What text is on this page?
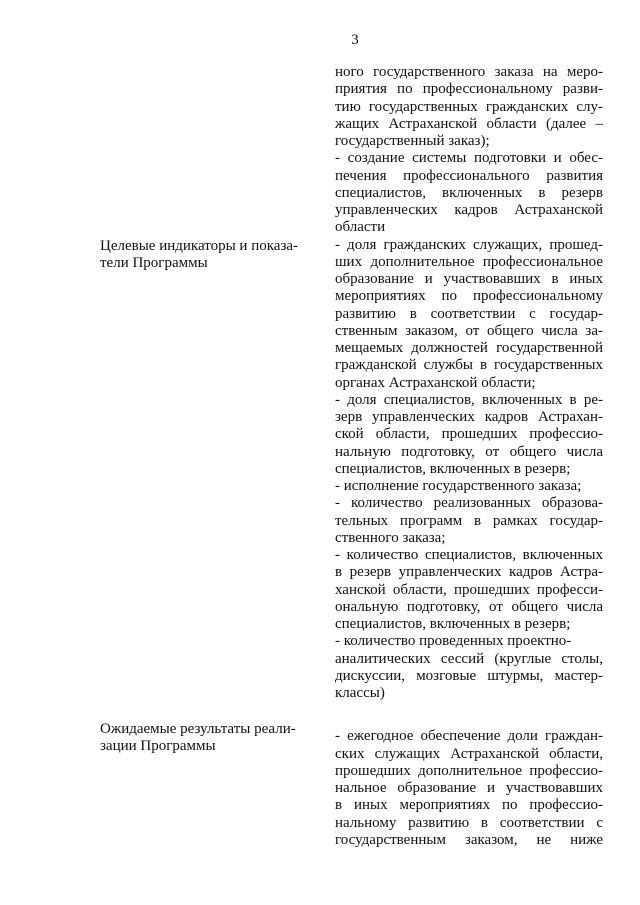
3
Целевые индикаторы и показа-
тели Программы
Ожидаемые результаты реали-
зации Программы
ного государственного заказа на меро-
приятия по профессиональному разви-
тию государственных гражданских слу-
жащих Астраханской области (далее –
государственный заказ);
- создание системы подготовки и обес-
печения профессионального развития
специалистов, включенных в резерв
управленческих кадров Астраханской
области
- доля гражданских служащих, прошед-
ших дополнительное профессиональное
образование и участвовавших в иных
мероприятиях по профессиональному
развитию в соответствии с государ-
ственным заказом, от общего числа за-
мещаемых должностей государственной
гражданской службы в государственных
органах Астраханской области;
- доля специалистов, включенных в ре-
зерв управленческих кадров Астрахан-
ской области, прошедших профессио-
нальную подготовку, от общего числа
специалистов, включенных в резерв;
- исполнение государственного заказа;
- количество реализованных образова-
тельных программ в рамках государ-
ственного заказа;
- количество специалистов, включенных
в резерв управленческих кадров Астра-
ханской области, прошедших професси-
ональную подготовку, от общего числа
специалистов, включенных в резерв;
- количество проведенных проектно-
аналитических сессий (круглые столы,
дискуссии, мозговые штурмы, мастер-
классы)
- ежегодное обеспечение доли граждан-
ских служащих Астраханской области,
прошедших дополнительное профессио-
нальное образование и участвовавших
в иных мероприятиях по профессио-
нальному развитию в соответствии с
государственным заказом, не ниже
